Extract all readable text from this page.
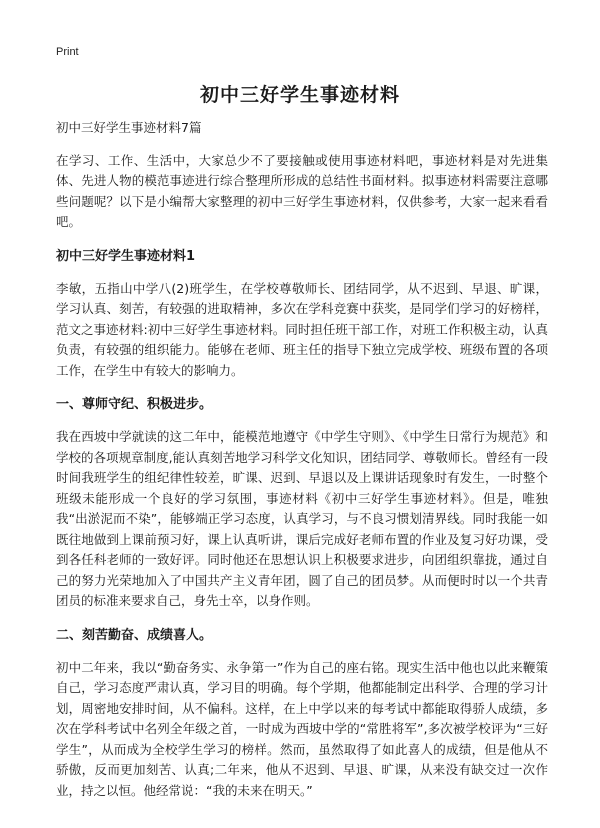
Print
初中三好学生事迹材料

初中三好学生事迹材料7篇

在学习、工作、生活中，大家总少不了要接触或使用事迹材料吧，事迹材料是对先进集体、先进人物的模范事迹进行综合整理所形成的总结性书面材料。拟事迹材料需要注意哪些问题呢？以下是小编帮大家整理的初中三好学生事迹材料，仅供参考，大家一起来看看吧。

初中三好学生事迹材料1

李敏，五指山中学八(2)班学生，在学校尊敬师长、团结同学，从不迟到、早退、旷课，学习认真、刻苦，有较强的进取精神，多次在学科竞赛中获奖，是同学们学习的好榜样，范文之事迹材料:初中三好学生事迹材料。同时担任班干部工作，对班工作积极主动，认真负责，有较强的组织能力。能够在老师、班主任的指导下独立完成学校、班级布置的各项工作，在学生中有较大的影响力。

一、尊师守纪、积极进步。

我在西坡中学就读的这二年中，能模范地遵守《中学生守则》、《中学生日常行为规范》和学校的各项规章制度,能认真刻苦地学习科学文化知识，团结同学、尊敬师长。曾经有一段时间我班学生的组纪律性较差，旷课、迟到、早退以及上课讲话现象时有发生，一时整个班级未能形成一个良好的学习氛围，事迹材料《初中三好学生事迹材料》。但是，唯独我“出淤泥而不染”，能够端正学习态度，认真学习，与不良习惯划清界线。同时我能一如既往地做到上课前预习好，课上认真听讲，课后完成好老师布置的作业及复习好功课，受到各任科老师的一致好评。同时他还在思想认识上积极要求进步，向团组织靠拢，通过自己的努力光荣地加入了中国共产主义青年团，圆了自己的团员梦。从而便时时以一个共青团员的标准来要求自己，身先士卒，以身作则。

二、刻苦勤奋、成绩喜人。

初中二年来，我以“勤奋务实、永争第一”作为自己的座右铭。现实生活中他也以此来鞭策自己，学习态度严肃认真，学习目的明确。每个学期，他都能制定出科学、合理的学习计划，周密地安排时间，从不偏科。这样，在上中学以来的每考试中都能取得骄人成绩，多次在学科考试中名列全年级之首，一时成为西坡中学的“常胜将军”,多次被学校评为“三好学生”，从而成为全校学生学习的榜样。然而，虽然取得了如此喜人的成绩，但是他从不骄傲，反而更加刻苦、认真;二年来，他从不迟到、早退、旷课，从来没有缺交过一次作业，持之以恒。他经常说：“我的未来在明天。”
